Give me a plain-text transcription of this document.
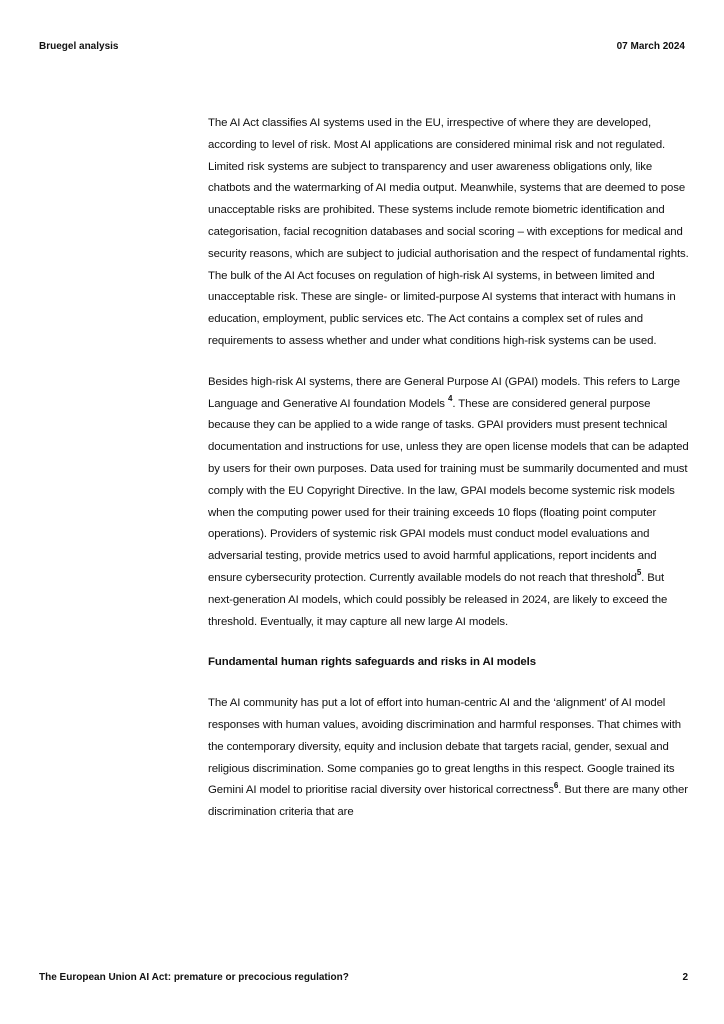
Bruegel analysis	07 March 2024

The AI Act classifies AI systems used in the EU, irrespective of where they are developed, according to level of risk. Most AI applications are considered minimal risk and not regulated. Limited risk systems are subject to transparency and user awareness obligations only, like chatbots and the watermarking of AI media output. Meanwhile, systems that are deemed to pose unacceptable risks are prohibited. These systems include remote biometric identification and categorisation, facial recognition databases and social scoring – with exceptions for medical and security reasons, which are subject to judicial authorisation and the respect of fundamental rights. The bulk of the AI Act focuses on regulation of high-risk AI systems, in between limited and unacceptable risk. These are single- or limited-purpose AI systems that interact with humans in education, employment, public services etc. The Act contains a complex set of rules and requirements to assess whether and under what conditions high-risk systems can be used.

Besides high-risk AI systems, there are General Purpose AI (GPAI) models. This refers to Large Language and Generative AI foundation Models $^4$. These are considered general purpose because they can be applied to a wide range of tasks. GPAI providers must present technical documentation and instructions for use, unless they are open license models that can be adapted by users for their own purposes. Data used for training must be summarily documented and must comply with the EU Copyright Directive. In the law, GPAI models become systemic risk models when the computing power used for their training exceeds 10 flops (floating point computer operations). Providers of systemic risk GPAI models must conduct model evaluations and adversarial testing, provide metrics used to avoid harmful applications, report incidents and ensure cybersecurity protection. Currently available models do not reach that threshold$^5$. But next-generation AI models, which could possibly be released in 2024, are likely to exceed the threshold. Eventually, it may capture all new large AI models.

Fundamental human rights safeguards and risks in AI models

The AI community has put a lot of effort into human-centric AI and the ‘alignment’ of AI model responses with human values, avoiding discrimination and harmful responses. That chimes with the contemporary diversity, equity and inclusion debate that targets racial, gender, sexual and religious discrimination. Some companies go to great lengths in this respect. Google trained its Gemini AI model to prioritise racial diversity over historical correctness$^6$. But there are many other discrimination criteria that are

The European Union AI Act: premature or precocious regulation?	2
